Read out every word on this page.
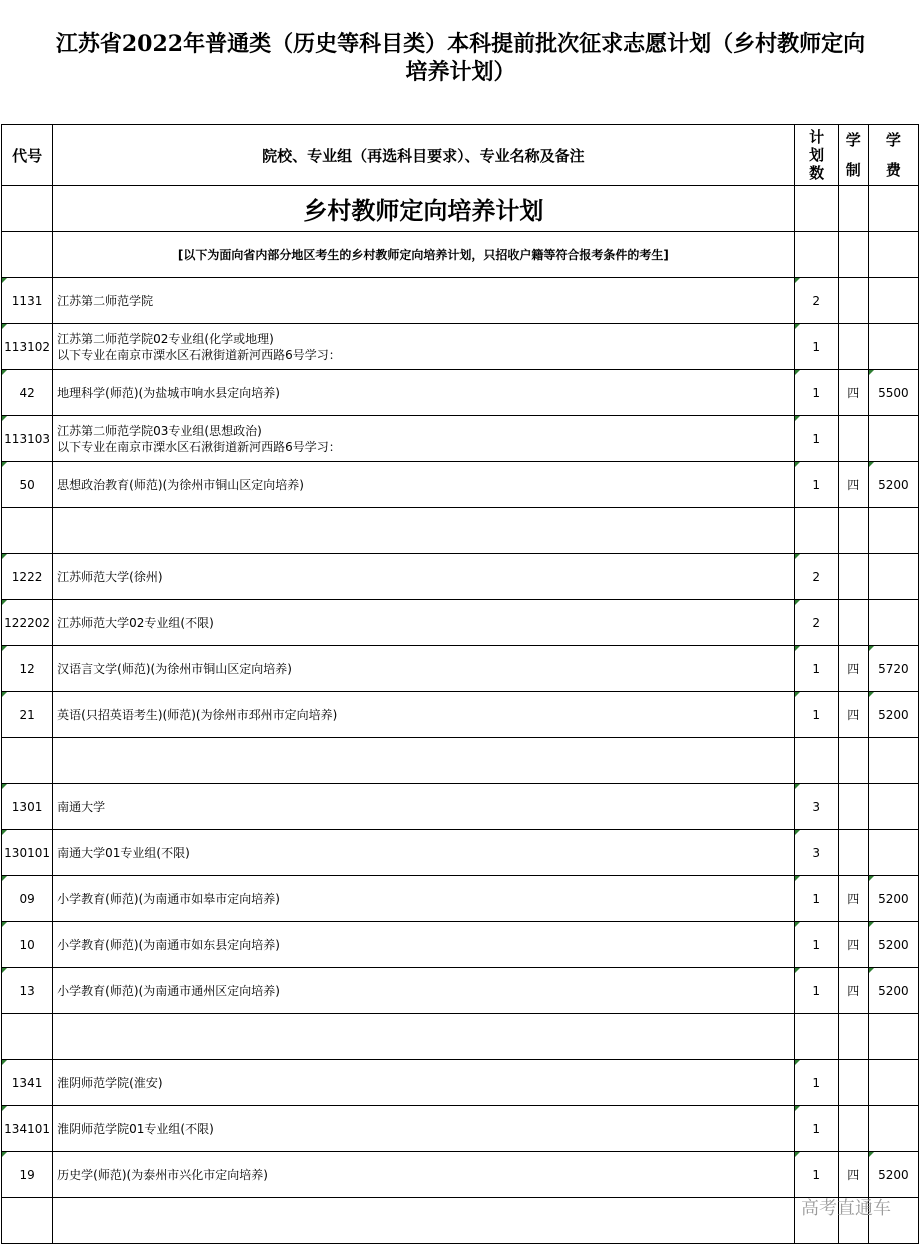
江苏省2022年普通类（历史等科目类）本科提前批次征求志愿计划（乡村教师定向
培养计划）
代号	院校、专业组（再选科目要求）、专业名称及备注	计划数	学制	学费

	乡村教师定向培养计划			
	[以下为面向省内部分地区考生的乡村教师定向培养计划，只招收户籍等符合报考条件的考生]			
1131	江苏第二师范学院	2		
113102	江苏第二师范学院02专业组(化学或地理)
以下专业在南京市溧水区石湫街道新河西路6号学习：	1		
42	地理科学(师范)(为盐城市响水县定向培养)	1	四	5500
113103	江苏第二师范学院03专业组(思想政治)
以下专业在南京市溧水区石湫街道新河西路6号学习：	1		
50	思想政治教育(师范)(为徐州市铜山区定向培养)	1	四	5200

1222	江苏师范大学(徐州)	2		
122202	江苏师范大学02专业组(不限)	2		
12	汉语言文学(师范)(为徐州市铜山区定向培养)	1	四	5720
21	英语(只招英语考生)(师范)(为徐州市邳州市定向培养)	1	四	5200

1301	南通大学	3		
130101	南通大学01专业组(不限)	3		
09	小学教育(师范)(为南通市如皋市定向培养)	1	四	5200
10	小学教育(师范)(为南通市如东县定向培养)	1	四	5200
13	小学教育(师范)(为南通市通州区定向培养)	1	四	5200

1341	淮阴师范学院(淮安)	1		
134101	淮阴师范学院01专业组(不限)	1		
19	历史学(师范)(为泰州市兴化市定向培养)	1	四	5200

高考直通车
